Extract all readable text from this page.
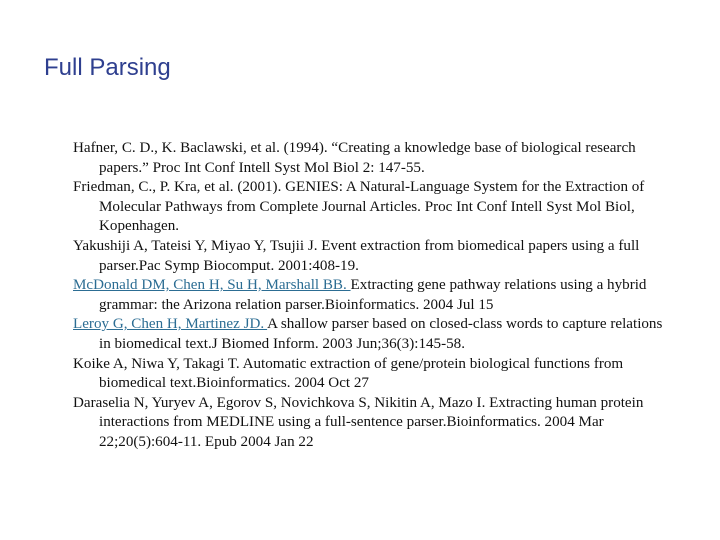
Full Parsing

Hafner, C. D., K. Baclawski, et al. (1994). “Creating a knowledge base of biological research papers.” Proc Int Conf Intell Syst Mol Biol 2: 147-55.

Friedman, C., P. Kra, et al. (2001). GENIES: A Natural-Language System for the Extraction of Molecular Pathways from Complete Journal Articles. Proc Int Conf Intell Syst Mol Biol, Kopenhagen.

Yakushiji A, Tateisi Y, Miyao Y, Tsujii J. Event extraction from biomedical papers using a full parser.Pac Symp Biocomput. 2001:408-19.

McDonald DM, Chen H, Su H, Marshall BB. Extracting gene pathway relations using a hybrid grammar: the Arizona relation parser.Bioinformatics. 2004 Jul 15

Leroy G, Chen H, Martinez JD. A shallow parser based on closed-class words to capture relations in biomedical text.J Biomed Inform. 2003 Jun;36(3):145-58.

Koike A, Niwa Y, Takagi T. Automatic extraction of gene/protein biological functions from biomedical text.Bioinformatics. 2004 Oct 27

Daraselia N, Yuryev A, Egorov S, Novichkova S, Nikitin A, Mazo I. Extracting human protein interactions from MEDLINE using a full-sentence parser.Bioinformatics. 2004 Mar 22;20(5):604-11. Epub 2004 Jan 22
